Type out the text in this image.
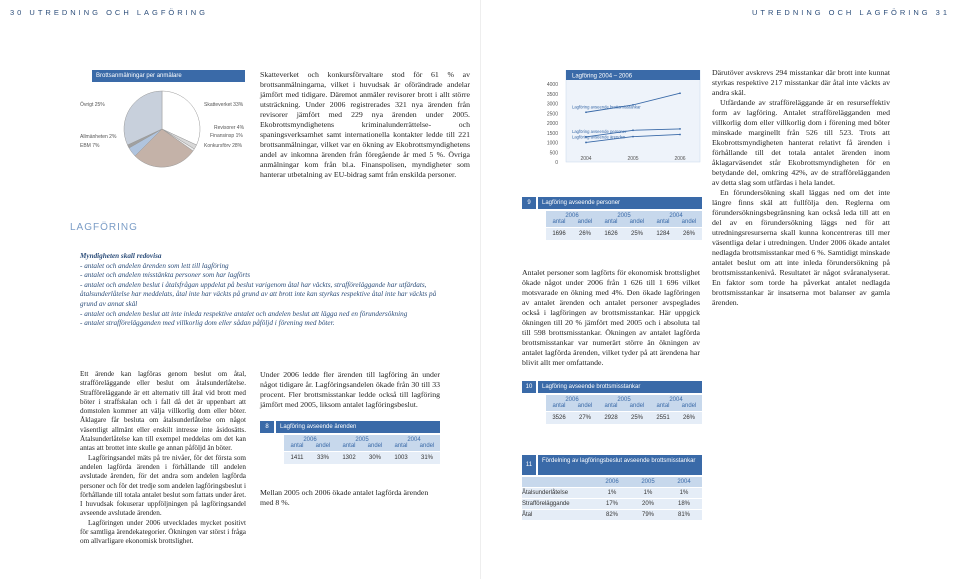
30 UTREDNING OCH LAGFÖRING	UTREDNING OCH LAGFÖRING 31
Brottsanmälningar per anmälare
Övrigt 25%
Allmänheten 2%
EBM 7%
Skatteverket 33%
Revisorer 4%
Finansinsp 1%
Konkursförv 28%
LAGFÖRING

Skatteverket och konkursförvaltare stod för 61 % av brottsanmälningarna, vilket i huvudsak är oförändrade andelar jämfört med tidigare. Däremot anmäler revisorer brott i allt större utsträckning. Under 2006 registrerades 321 nya ärenden från revisorer jämfört med 229 nya ärenden under 2005. Ekobrottsmyndighetens kriminalunderrättelse- och spaningsverksamhet samt internationella kontakter ledde till 221 brottsanmälningar, vilket var en ökning av Ekobrottsmyndighetens andel av inkomna ärenden från föregående år med 5 %. Övriga anmälningar kom från bl.a. Finanspolisen, myndigheter som hanterar utbetalning av EU-bidrag samt från enskilda personer.

Myndigheten skall redovisa
- antalet och andelen ärenden som lett till lagföring
- antalet och andelen misstänkta personer som har lagförts
- antalet och andelen beslut i åtalsfrågan uppdelat på beslut varigenom åtal har väckts, strafföreläggande har utfärdats, åtalsunderlåtelse har meddelats, åtal inte har väckts på grund av att brott inte kan styrkas respektive åtal inte har väckts på grund av annat skäl
- antalet och andelen beslut att inte inleda respektive antalet och andelen beslut att lägga ned en förundersökning
- antalet strafförelägganden med villkorlig dom eller sådan påföljd i förening med böter.

Ett ärende kan lagföras genom beslut om åtal, strafföreläggande eller beslut om åtalsunderlåtelse. Strafföreläggande är ett alternativ till åtal vid brott med böter i straffskalan och i fall då det är uppenbart att domstolen kommer att välja villkorlig dom eller böter. Åklagare får besluta om åtalsunderlåtelse om något väsentligt allmänt eller enskilt intresse inte åsidosätts. Åtalsunderlåtelse kan till exempel meddelas om det kan antas att brottet inte skulle ge annan påföljd än böter.

Lagföringsandel mäts på tre nivåer, för det första som andelen lagförda ärenden i förhållande till andelen avslutade ärenden, för det andra som andelen lagförda personer och för det tredje som andelen lagföringsbeslut i förhållande till totala antalet beslut som fattats under året. I huvudsak fokuserar uppföljningen på lagföringsandel avseende avslutade ärenden.

Lagföringen under 2006 utvecklades mycket positivt för samtliga ärendekategorier. Ökningen var störst i fråga om allvarligare ekonomisk brottslighet.

Under 2006 ledde fler ärenden till lagföring än under något tidigare år. Lagföringsandelen ökade från 30 till 33 procent. Fler brottsmisstankar ledde också till lagföring jämfört med 2005, liksom antalet lagföringsbeslut.

8	Lagföring avseende ärenden
2006	2005	2004
antal	andel	antal	andel	antal	andel
1411	33%	1302	30%	1003	31%

Mellan 2005 och 2006 ökade antalet lagförda ärenden med 8 %.

Lagföring 2004 – 2006
4000
3500
3000
2500
2000
1500
1000
500
0
2004	2005	2006
Lagföring avseende brottsmisstankar
Lagföring avseende personer
Lagföring avseende ärenden
9	Lagföring avseende personer
2006	2005	2004
antal	andel	antal	andel	antal	andel
1696	26%	1626	25%	1284	26%

Antalet personer som lagförts för ekonomisk brottslighet ökade något under 2006 från 1 626 till 1 696 vilket motsvarade en ökning med 4%. Den ökade lagföringen av antalet ärenden och antalet personer avspeglades också i lagföringen av brottsmisstankar. Här uppgick ökningen till 20 % jämfört med 2005 och i absoluta tal till 598 brottsmisstankar. Ökningen av antalet lagförda brottsmisstankar var numerärt större än ökningen av antalet lagförda ärenden, vilket tyder på att ärendena har blivit allt mer omfattande.

10	Lagföring avseende brottsmisstankar
2006	2005	2004
antal	andel	antal	andel	antal	andel
3526	27%	2928	25%	2551	26%
11
Fördelning av lagföringsbeslut avseende brottsmisstankar
2006	2005	2004
Åtalsunderlåtelse	1%	1%	1%
Strafföreläggande	17%	20%	18%
Åtal	82%	79%	81%

Därutöver avskrevs 294 misstankar där brott inte kunnat styrkas respektive 217 misstankar där åtal inte väckts av andra skäl.

Utfärdande av strafföreläggande är en resurseffektiv form av lagföring. Antalet strafförelägganden med villkorlig dom eller villkorlig dom i förening med böter minskade marginellt från 526 till 523. Trots att Ekobrottsmyndigheten hanterat relativt få ärenden i förhållande till det totala antalet ärenden inom åklagarväsendet står Ekobrottsmyndigheten för en betydande del, omkring 42%, av de strafförelägganden av detta slag som utfärdas i hela landet.

En förundersökning skall läggas ned om det inte längre finns skäl att fullfölja den. Reglerna om förundersökningsbegränsning kan också leda till att en del av en förundersökning läggs ned för att utredningsresurserna skall kunna koncentreras till mer väsentliga delar i utredningen. Under 2006 ökade antalet nedlagda brottsmisstankar med 6 %. Samtidigt minskade antalet beslut om att inte inleda förundersökning på brottsmisstankenivå. Resultatet är något svåranalyserat. En faktor som torde ha påverkat antalet nedlagda brottsmisstankar är insatserna mot balanser av gamla ärenden.
